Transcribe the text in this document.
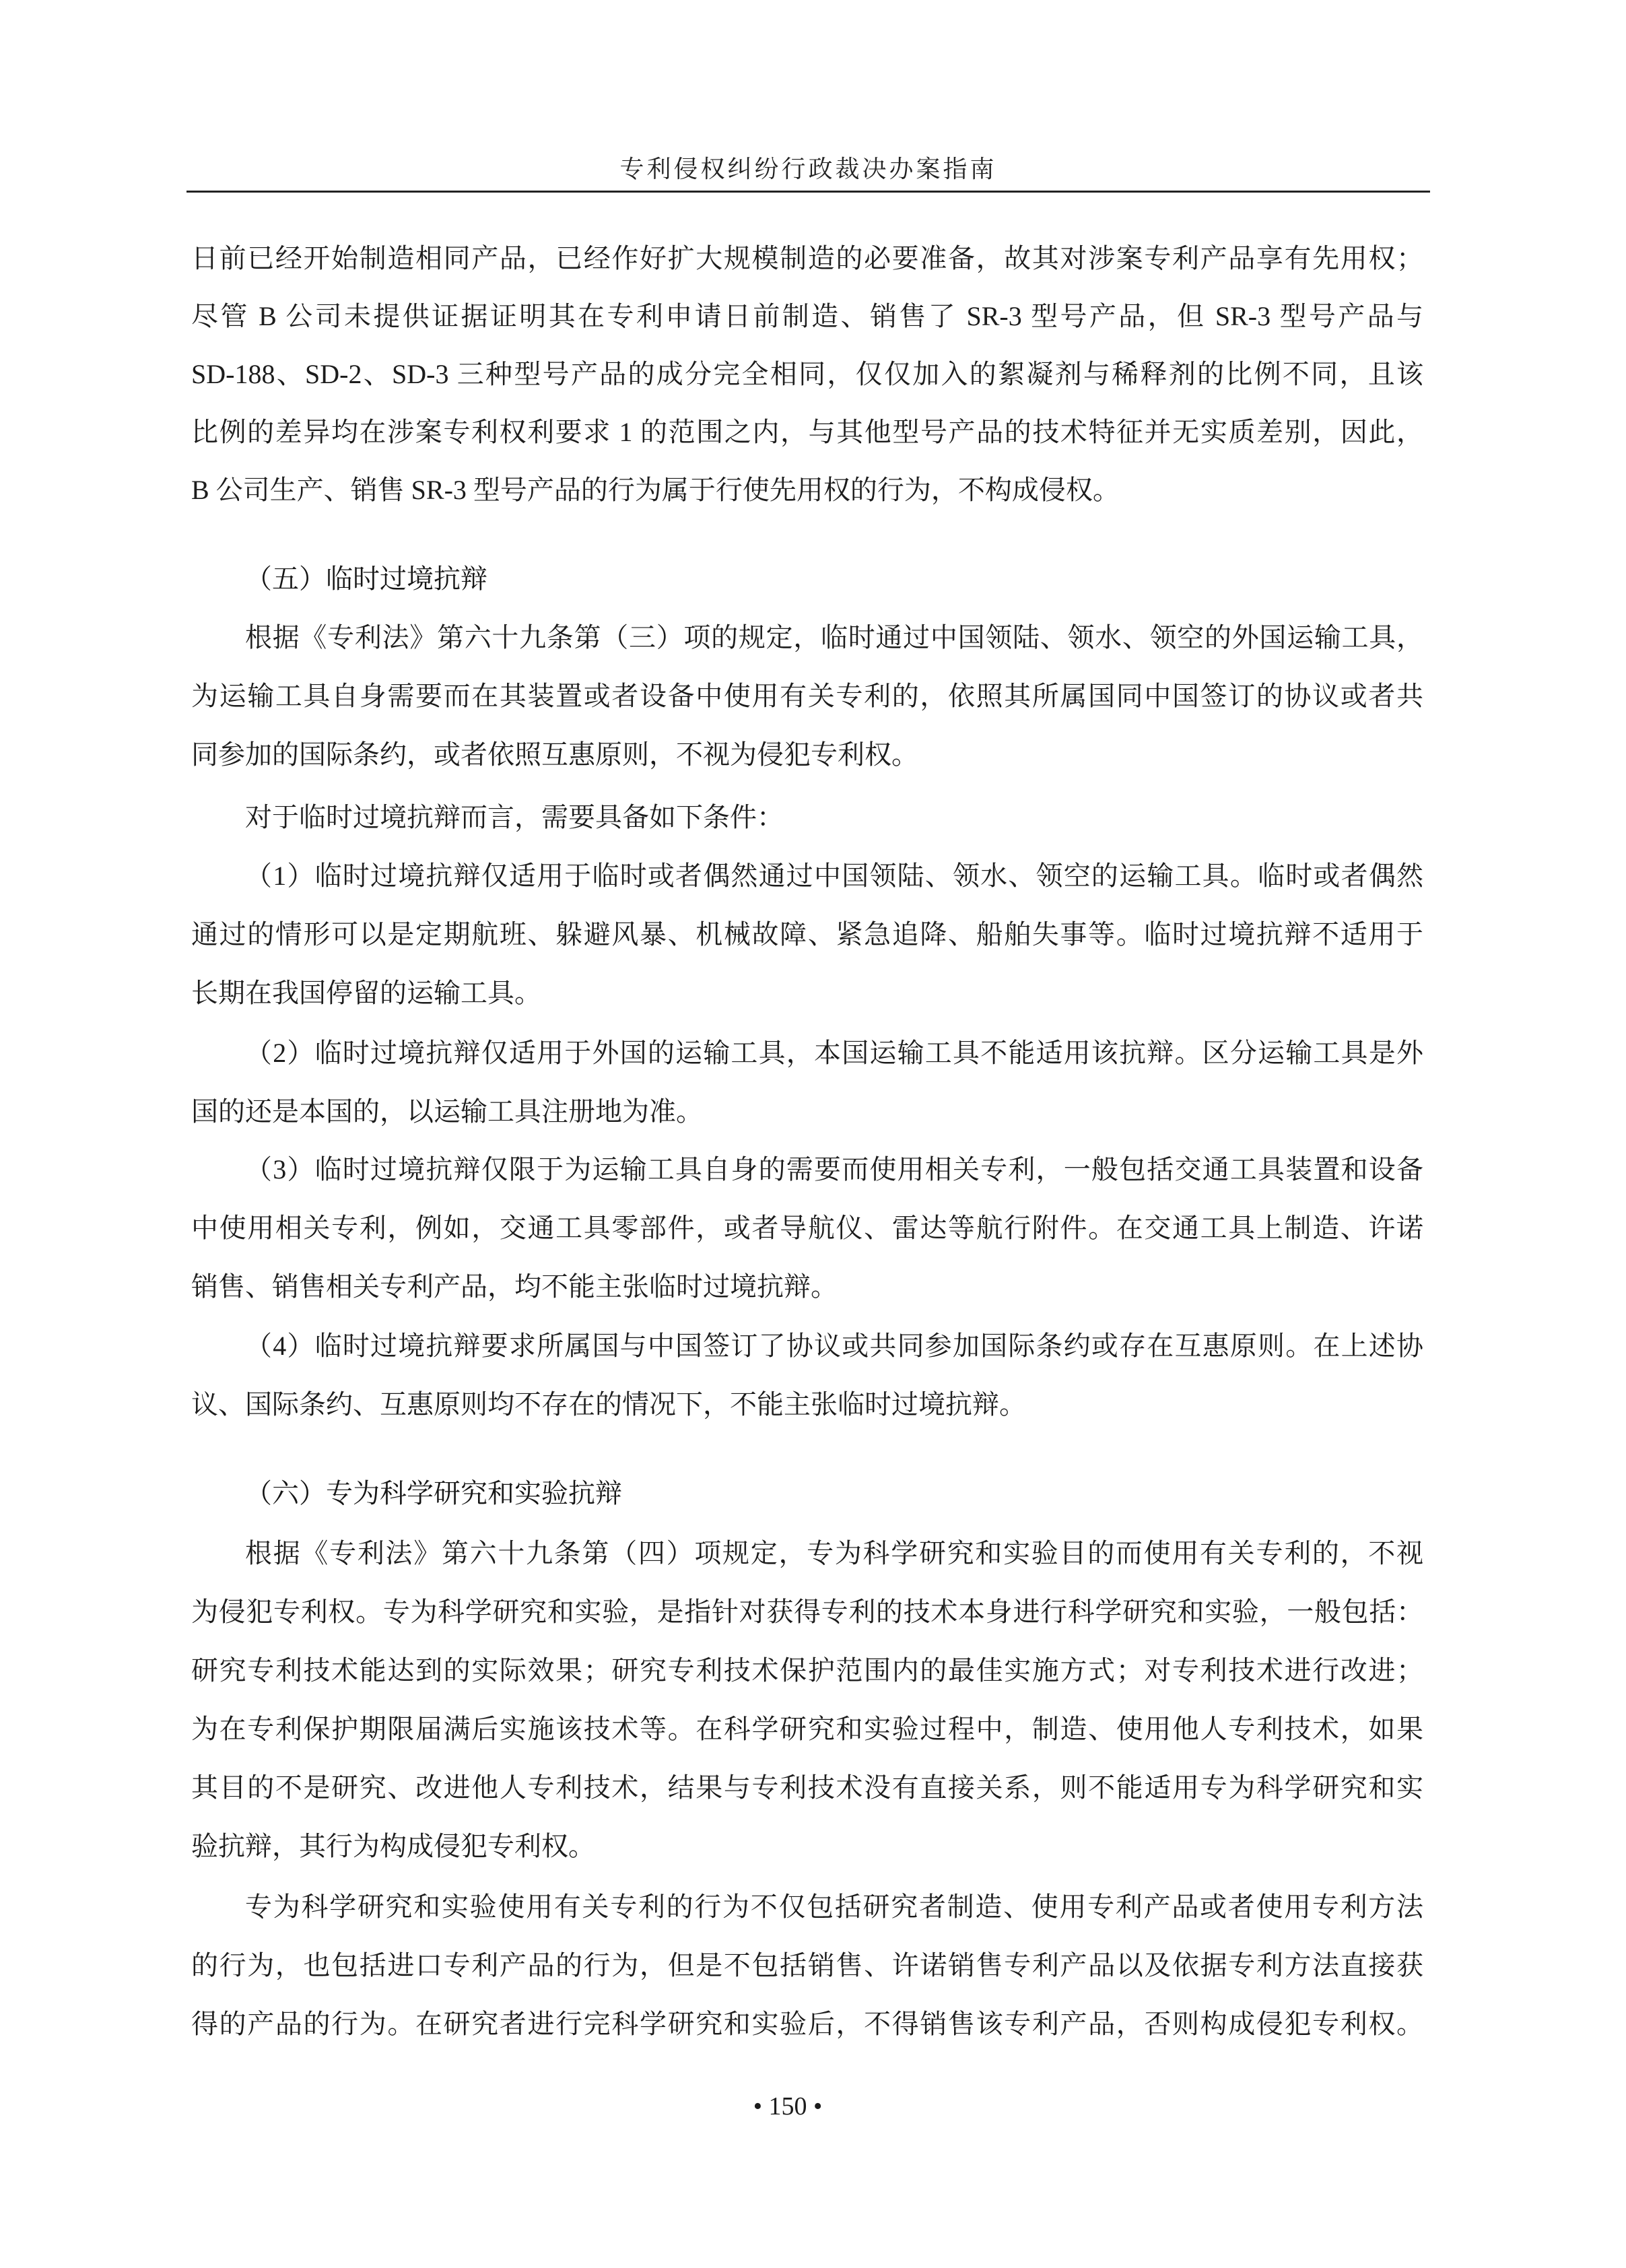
专利侵权纠纷行政裁决办案指南
日前已经开始制造相同产品，已经作好扩大规模制造的必要准备，故其对涉案专利产品享有先用权；
尽管 B 公司未提供证据证明其在专利申请日前制造、销售了 SR-3 型号产品，但 SR-3 型号产品与
SD-188、SD-2、SD-3 三种型号产品的成分完全相同，仅仅加入的絮凝剂与稀释剂的比例不同，且该
比例的差异均在涉案专利权利要求 1 的范围之内，与其他型号产品的技术特征并无实质差别，因此，
B 公司生产、销售 SR-3 型号产品的行为属于行使先用权的行为，不构成侵权。
（五）临时过境抗辩
根据《专利法》第六十九条第（三）项的规定，临时通过中国领陆、领水、领空的外国运输工具，
为运输工具自身需要而在其装置或者设备中使用有关专利的，依照其所属国同中国签订的协议或者共
同参加的国际条约，或者依照互惠原则，不视为侵犯专利权。
对于临时过境抗辩而言，需要具备如下条件：
（1）临时过境抗辩仅适用于临时或者偶然通过中国领陆、领水、领空的运输工具。临时或者偶然
通过的情形可以是定期航班、躲避风暴、机械故障、紧急追降、船舶失事等。临时过境抗辩不适用于
长期在我国停留的运输工具。
（2）临时过境抗辩仅适用于外国的运输工具，本国运输工具不能适用该抗辩。区分运输工具是外
国的还是本国的，以运输工具注册地为准。
（3）临时过境抗辩仅限于为运输工具自身的需要而使用相关专利，一般包括交通工具装置和设备
中使用相关专利，例如，交通工具零部件，或者导航仪、雷达等航行附件。在交通工具上制造、许诺
销售、销售相关专利产品，均不能主张临时过境抗辩。
（4）临时过境抗辩要求所属国与中国签订了协议或共同参加国际条约或存在互惠原则。在上述协
议、国际条约、互惠原则均不存在的情况下，不能主张临时过境抗辩。
（六）专为科学研究和实验抗辩
根据《专利法》第六十九条第（四）项规定，专为科学研究和实验目的而使用有关专利的，不视
为侵犯专利权。专为科学研究和实验，是指针对获得专利的技术本身进行科学研究和实验，一般包括：
研究专利技术能达到的实际效果；研究专利技术保护范围内的最佳实施方式；对专利技术进行改进；
为在专利保护期限届满后实施该技术等。在科学研究和实验过程中，制造、使用他人专利技术，如果
其目的不是研究、改进他人专利技术，结果与专利技术没有直接关系，则不能适用专为科学研究和实
验抗辩，其行为构成侵犯专利权。
专为科学研究和实验使用有关专利的行为不仅包括研究者制造、使用专利产品或者使用专利方法
的行为，也包括进口专利产品的行为，但是不包括销售、许诺销售专利产品以及依据专利方法直接获
得的产品的行为。在研究者进行完科学研究和实验后，不得销售该专利产品，否则构成侵犯专利权。
• 150 •
